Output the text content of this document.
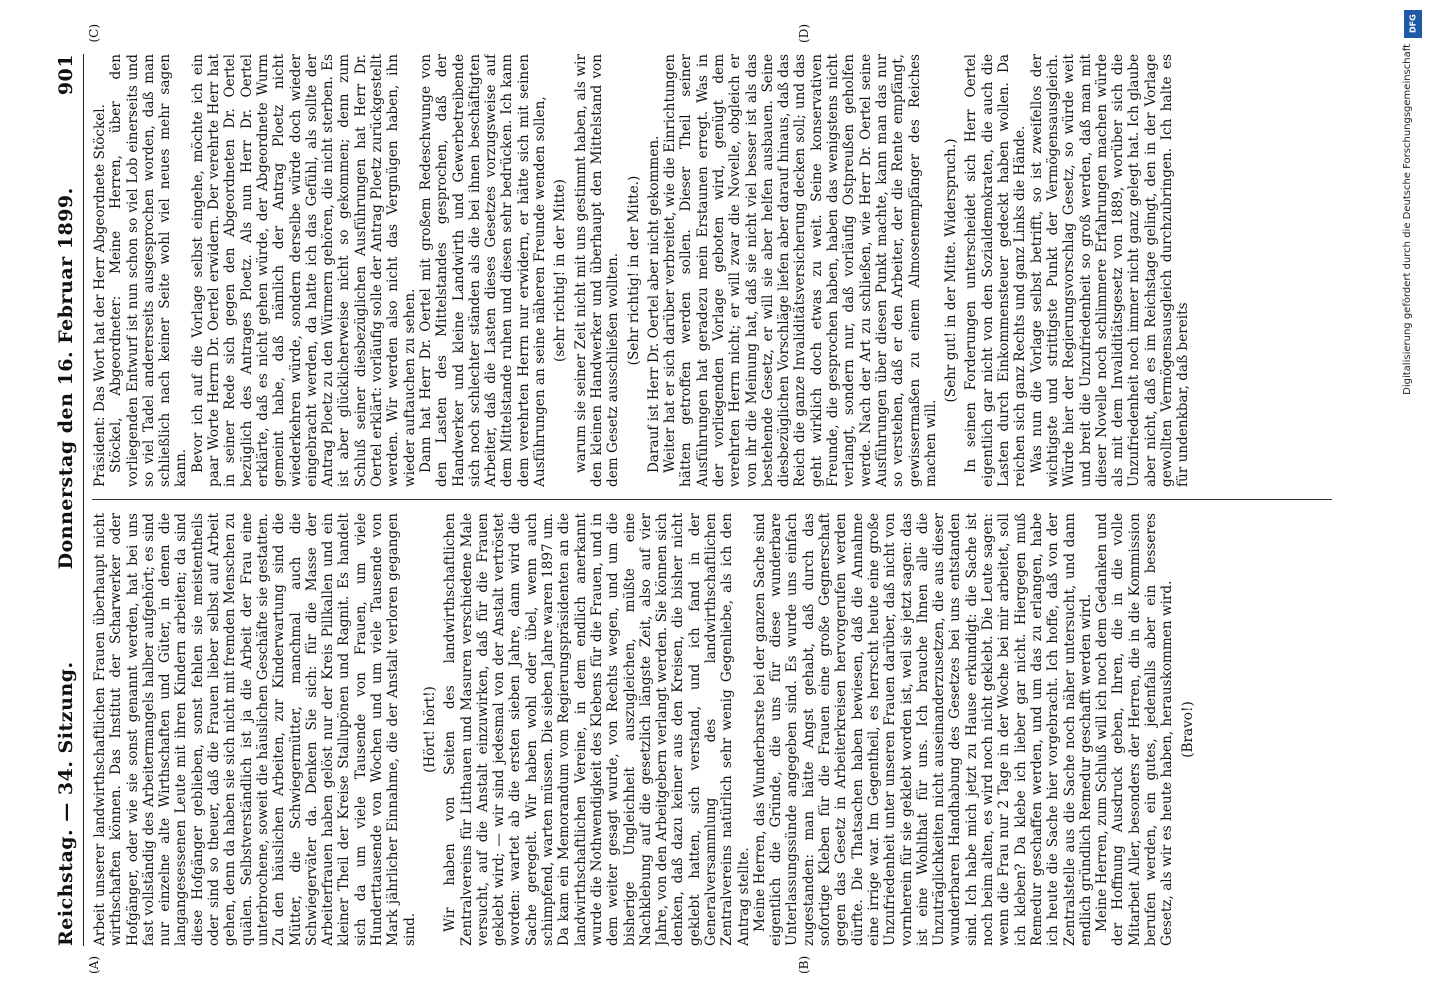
Reichstag. — 34. Sitzung.
Donnerstag den 16. Februar 1899.
901

Arbeit unserer landwirthschaftlichen Frauen überhaupt nicht wirthschaften können. Das Institut der Scharwerker oder Hofgänger, oder wie sie sonst genannt werden, hat bei uns fast vollständig des Arbeitermangels halber aufgehört; es sind nur einzelne alte Wirthschaften und Güter, in denen die langangesessenen Leute mit ihren Kindern arbeiten; da sind diese Hofgänger geblieben, sonst fehlen sie meistentheils oder sind so theuer, daß die Frauen lieber selbst auf Arbeit gehen, denn da haben sie sich nicht mit fremden Menschen zu quälen. Selbstverständlich ist ja die Arbeit der Frau eine unterbrochene, soweit die häuslichen Geschäfte sie gestatten. Zu den häuslichen Arbeiten, zur Kinderwartung sind die Mütter, die Schwiegermütter, manchmal auch die Schwiegerväter da. Denken Sie sich: für die Masse der Arbeiterfrauen haben gelöst nur der Kreis Pillkallen und ein kleiner Theil der Kreise Stallupönen und Ragnit. Es handelt sich da um viele Tausende von Frauen, um viele Hunderttausende von Wochen und um viele Tausende von Mark jährlicher Einnahme, die der Anstalt verloren gegangen sind.

(Hört! hört!) Wir haben von Seiten des landwirthschaftlichen Zentralvereins für Litthauen und Masuren verschiedene Male versucht, auf die Anstalt einzuwirken, daß für die Frauen geklebt wird; — wir sind jedesmal von der Anstalt vertröstet worden: wartet ab die ersten sieben Jahre, dann wird die Sache geregelt. Wir haben wohl oder übel, wenn auch schimpfend, warten müssen. Die sieben Jahre waren 1897 um. Da kam ein Memorandum vom Regierungspräsidenten an die landwirthschaftlichen Vereine, in dem endlich anerkannt wurde die Nothwendigkeit des Klebens für die Frauen, und in dem weiter gesagt wurde, von Rechts wegen, und um die bisherige Ungleichheit auszugleichen, müßte eine Nachklebung auf die gesetzlich längste Zeit, also auf vier Jahre, von den Arbeitgebern verlangt werden. Sie können sich denken, daß dazu keiner aus den Kreisen, die bisher nicht geklebt hatten, sich verstand, und ich fand in der Generalversammlung des landwirthschaftlichen Zentralvereins natürlich sehr wenig Gegenliebe, als ich den Antrag stellte. Meine Herren, das Wunderbarste bei der ganzen Sache sind eigentlich die Gründe, die uns für diese wunderbare Unterlassungssünde angegeben sind. Es wurde uns einfach zugestanden: man hätte Angst gehabt, daß durch das sofortige Kleben für die Frauen eine große Gegnerschaft gegen das Gesetz in Arbeiterkreisen hervorgerufen werden dürfte. Die Thatsachen haben bewiesen, daß die Annahme eine irrige war. Im Gegentheil, es herrscht heute eine große Unzufriedenheit unter unseren Frauen darüber, daß nicht von vornherein für sie geklebt worden ist, weil sie jetzt sagen: das ist eine Wohlthat für uns. Ich brauche Ihnen alle die Unzuträglichkeiten nicht auseinanderzusetzen, die aus dieser wunderbaren Handhabung des Gesetzes bei uns entstanden sind. Ich habe mich jetzt zu Hause erkundigt: die Sache ist noch beim alten, es wird noch nicht geklebt. Die Leute sagen: wenn die Frau nur 2 Tage in der Woche bei mir arbeitet, soll ich kleben? Da klebe ich lieber gar nicht. Hiergegen muß Remedur geschaffen werden, und um das zu erlangen, habe ich heute die Sache hier vorgebracht. Ich hoffe, daß von der Zentralstelle aus die Sache noch näher untersucht, und dann endlich gründlich Remedur geschafft werden wird. Meine Herren, zum Schluß will ich noch dem Gedanken und der Hoffnung Ausdruck geben, Ihren, die in die volle Mitarbeit Aller, besonders der Herren, die in die Kommission berufen werden, ein gutes, jedenfalls aber ein besseres Gesetz, als wir es heute haben, herauskommen wird. (Bravo!)

Präsident: Das Wort hat der Herr Abgeordnete Stöckel. Stöckel, Abgeordneter: Meine Herren, über den vorliegenden Entwurf ist nun schon so viel Lob einerseits und so viel Tadel andererseits ausgesprochen worden, daß man schließlich nach keiner Seite wohl viel neues mehr sagen kann. Bevor ich auf die Vorlage selbst eingehe, möchte ich ein paar Worte Herrn Dr. Oertel erwidern. Der verehrte Herr hat in seiner Rede sich gegen den Abgeordneten Dr. Oertel bezüglich des Antrages Ploetz. Als nun Herr Dr. Oertel erklärte, daß es nicht gehen würde, der Abgeordnete Wurm gemeint habe, daß nämlich der Antrag Ploetz nicht wiederkehren würde, sondern derselbe würde doch wieder eingebracht werden, da hatte ich das Gefühl, als sollte der Antrag Ploetz zu den Würmern gehören, die nicht sterben. Es ist aber glücklicherweise nicht so gekommen; denn zum Schluß seiner diesbezüglichen Ausführungen hat Herr Dr. Oertel erklärt: vorläufig solle der Antrag Ploetz zurückgestellt werden. Wir werden also nicht das Vergnügen haben, ihn wieder auftauchen zu sehen. Dann hat Herr Dr. Oertel mit großem Redeschwunge von den Lasten des Mittelstandes gesprochen, daß der Handwerker und kleine Landwirth und Gewerbetreibende sich noch schlechter ständen als die bei ihnen beschäftigten Arbeiter, daß die Lasten dieses Gesetzes vorzugsweise auf dem Mittelstande ruhen und diesen sehr bedrücken. Ich kann dem verehrten Herrn nur erwidern, er hätte sich mit seinen Ausführungen an seine näheren Freunde wenden sollen, (sehr richtig! in der Mitte) warum sie seiner Zeit nicht mit uns gestimmt haben, als wir den kleinen Handwerker und überhaupt den Mittelstand von dem Gesetz ausschließen wollten. (Sehr richtig! in der Mitte.) Darauf ist Herr Dr. Oertel aber nicht gekommen. Weiter hat er sich darüber verbreitet, wie die Einrichtungen hätten getroffen werden sollen. Dieser Theil seiner Ausführungen hat geradezu mein Erstaunen erregt. Was in der vorliegenden Vorlage geboten wird, genügt dem verehrten Herrn nicht; er will zwar die Novelle, obgleich er von ihr die Meinung hat, daß sie nicht viel besser ist als das bestehende Gesetz, er will sie aber helfen ausbauen. Seine diesbezüglichen Vorschläge liefen aber darauf hinaus, daß das Reich die ganze Invaliditätsversicherung decken soll; und das geht wirklich doch etwas zu weit. Seine konservativen Freunde, die gesprochen haben, haben das wenigstens nicht verlangt, sondern nur, daß vorläufig Ostpreußen geholfen werde. Nach der Art zu schließen, wie Herr Dr. Oertel seine Ausführungen über diesen Punkt machte, kann man das nur so verstehen, daß er den Arbeiter, der die Rente empfängt, gewissermaßen zu einem Almosenempfänger des Reiches machen will.

(Sehr gut! in der Mitte. Widerspruch.) In seinen Forderungen unterscheidet sich Herr Oertel eigentlich gar nicht von den Sozialdemokraten, die auch die Lasten durch Einkommensteuer gedeckt haben wollen. Da reichen sich ganz Rechts und ganz Links die Hände. Was nun die Vorlage selbst betrifft, so ist zweifellos der wichtigste und strittigste Punkt der Vermögensausgleich. Würde hier der Regierungsvorschlag Gesetz, so würde weit und breit die Unzufriedenheit so groß werden, daß man mit dieser Novelle noch schlimmere Erfahrungen machen würde als mit dem Invaliditätsgesetz von 1889, worüber sich die Unzufriedenheit noch immer nicht ganz gelegt hat. Ich glaube aber nicht, daß es im Reichstage gelingt, den in der Vorlage gewollten Vermögensausgleich durchzubringen. Ich halte es für undenkbar, daß bereits

(A)	(B)
(C)	(D)	DFG
Digitalisierung gefördert durch die Deutsche Forschungsgemeinschaft
